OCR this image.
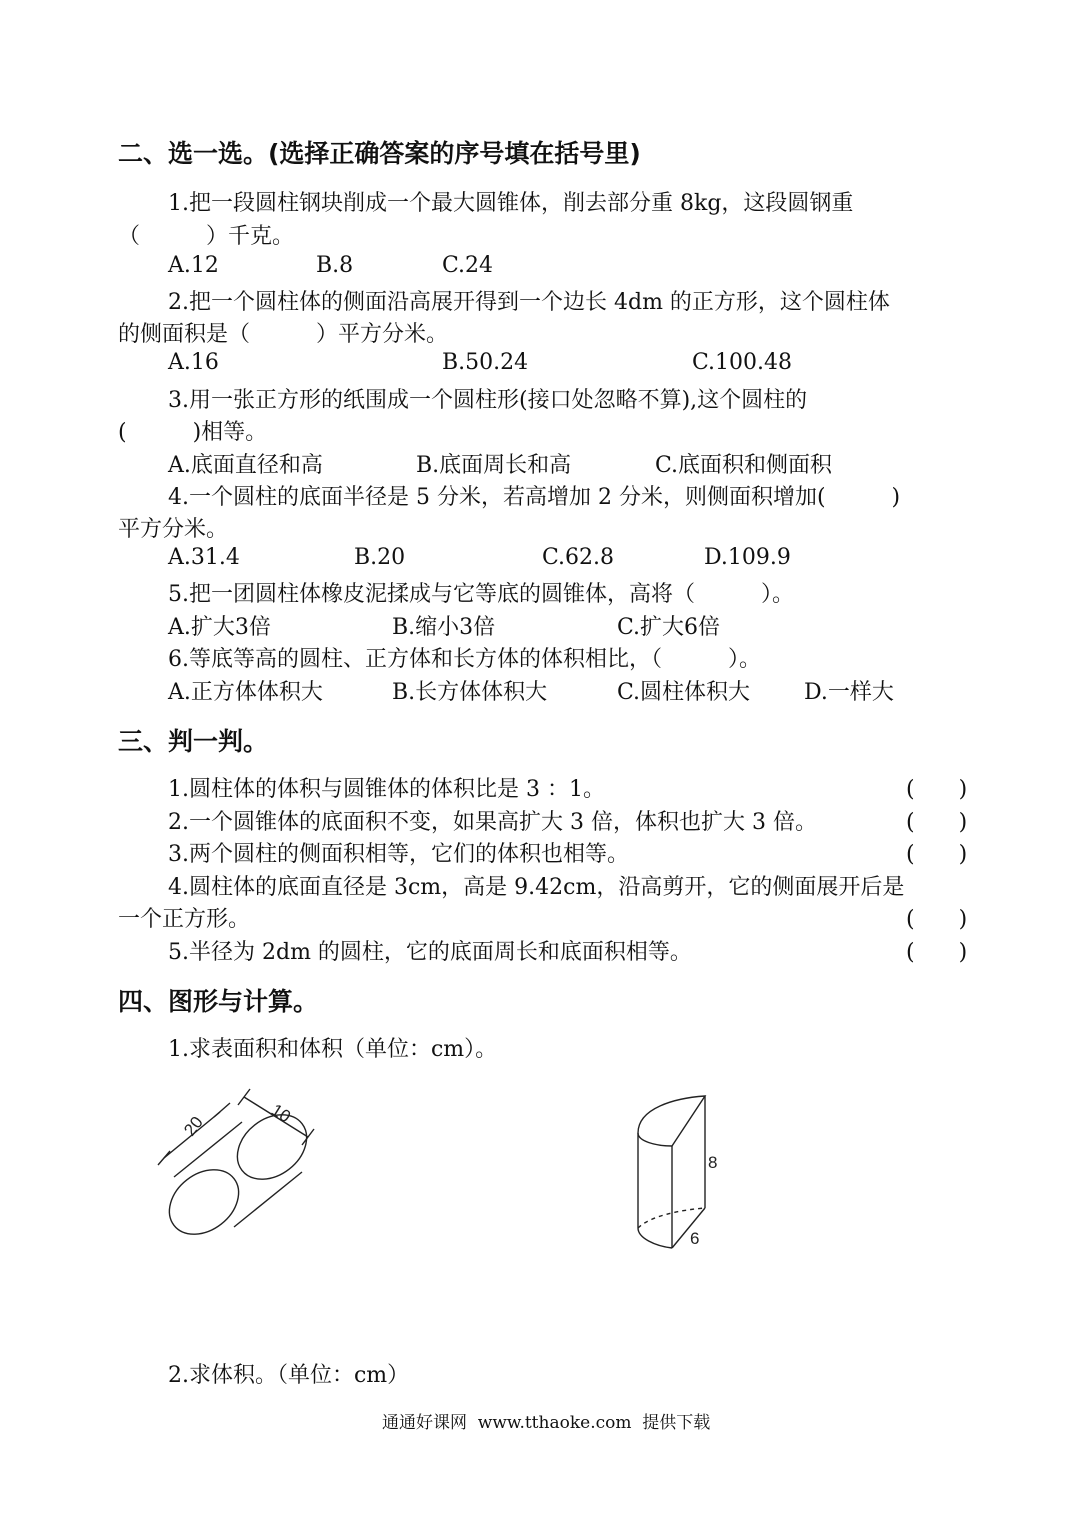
二、选一选。(选择正确答案的序号填在括号里)
1.把一段圆柱钢块削成一个最大圆锥体，削去部分重 8kg，这段圆钢重
（　　　）千克。
A.12	B.8	C.24
2.把一个圆柱体的侧面沿高展开得到一个边长 4dm 的正方形，这个圆柱体
的侧面积是（　　　）平方分米。
A.16	B.50.24	C.100.48
3.用一张正方形的纸围成一个圆柱形(接口处忽略不算),这个圆柱的
(　　　)相等。
A.底面直径和高	B.底面周长和高	C.底面积和侧面积
4.一个圆柱的底面半径是 5 分米，若高增加 2 分米，则侧面积增加(　　　)
平方分米。
A.31.4	B.20	C.62.8	D.109.9
5.把一团圆柱体橡皮泥揉成与它等底的圆锥体，高将（　　　）。
A.扩大3倍	B.缩小3倍	C.扩大6倍
6.等底等高的圆柱、正方体和长方体的体积相比，（　　　）。
A.正方体体积大	B.长方体体积大	C.圆柱体积大 D.一样大
三、判一判。
1.圆柱体的体积与圆锥体的体积比是 3 ：1。	(　　)
2.一个圆锥体的底面积不变，如果高扩大 3 倍，体积也扩大 3 倍。	(　　)
3.两个圆柱的侧面积相等，它们的体积也相等。	(　　)
4.圆柱体的底面直径是 3cm，高是 9.42cm，沿高剪开，它的侧面展开后是
一个正方形。	(　　)
5.半径为 2dm 的圆柱，它的底面周长和底面积相等。	(　　)
四、图形与计算。
1.求表面积和体积（单位：cm）。
20	10
8
6
2.求体积。（单位：cm）
通通好课网  www.tthaoke.com  提供下载
